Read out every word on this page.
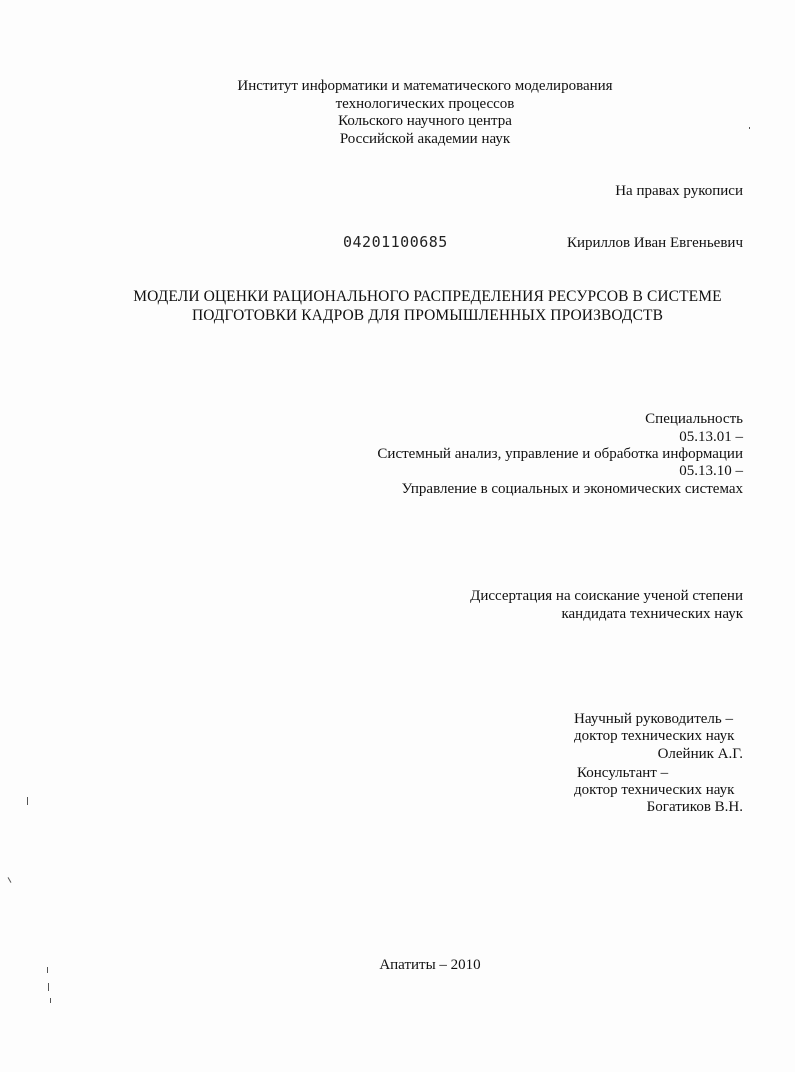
Институт информатики и математического моделирования
технологических процессов
Кольского научного центра
Российской академии наук
На правах рукописи
04201100685	Кириллов Иван Евгеньевич
МОДЕЛИ ОЦЕНКИ РАЦИОНАЛЬНОГО РАСПРЕДЕЛЕНИЯ РЕСУРСОВ В СИСТЕМЕ
ПОДГОТОВКИ КАДРОВ ДЛЯ ПРОМЫШЛЕННЫХ ПРОИЗВОДСТВ
Специальность
05.13.01 –
Системный анализ, управление и обработка информации
05.13.10 –
Управление в социальных и экономических системах
Диссертация на соискание ученой степени
кандидата технических наук
Научный руководитель –
доктор технических наук
Олейник А.Г.
Консультант –
доктор технических наук
Богатиков В.Н.
Апатиты – 2010
